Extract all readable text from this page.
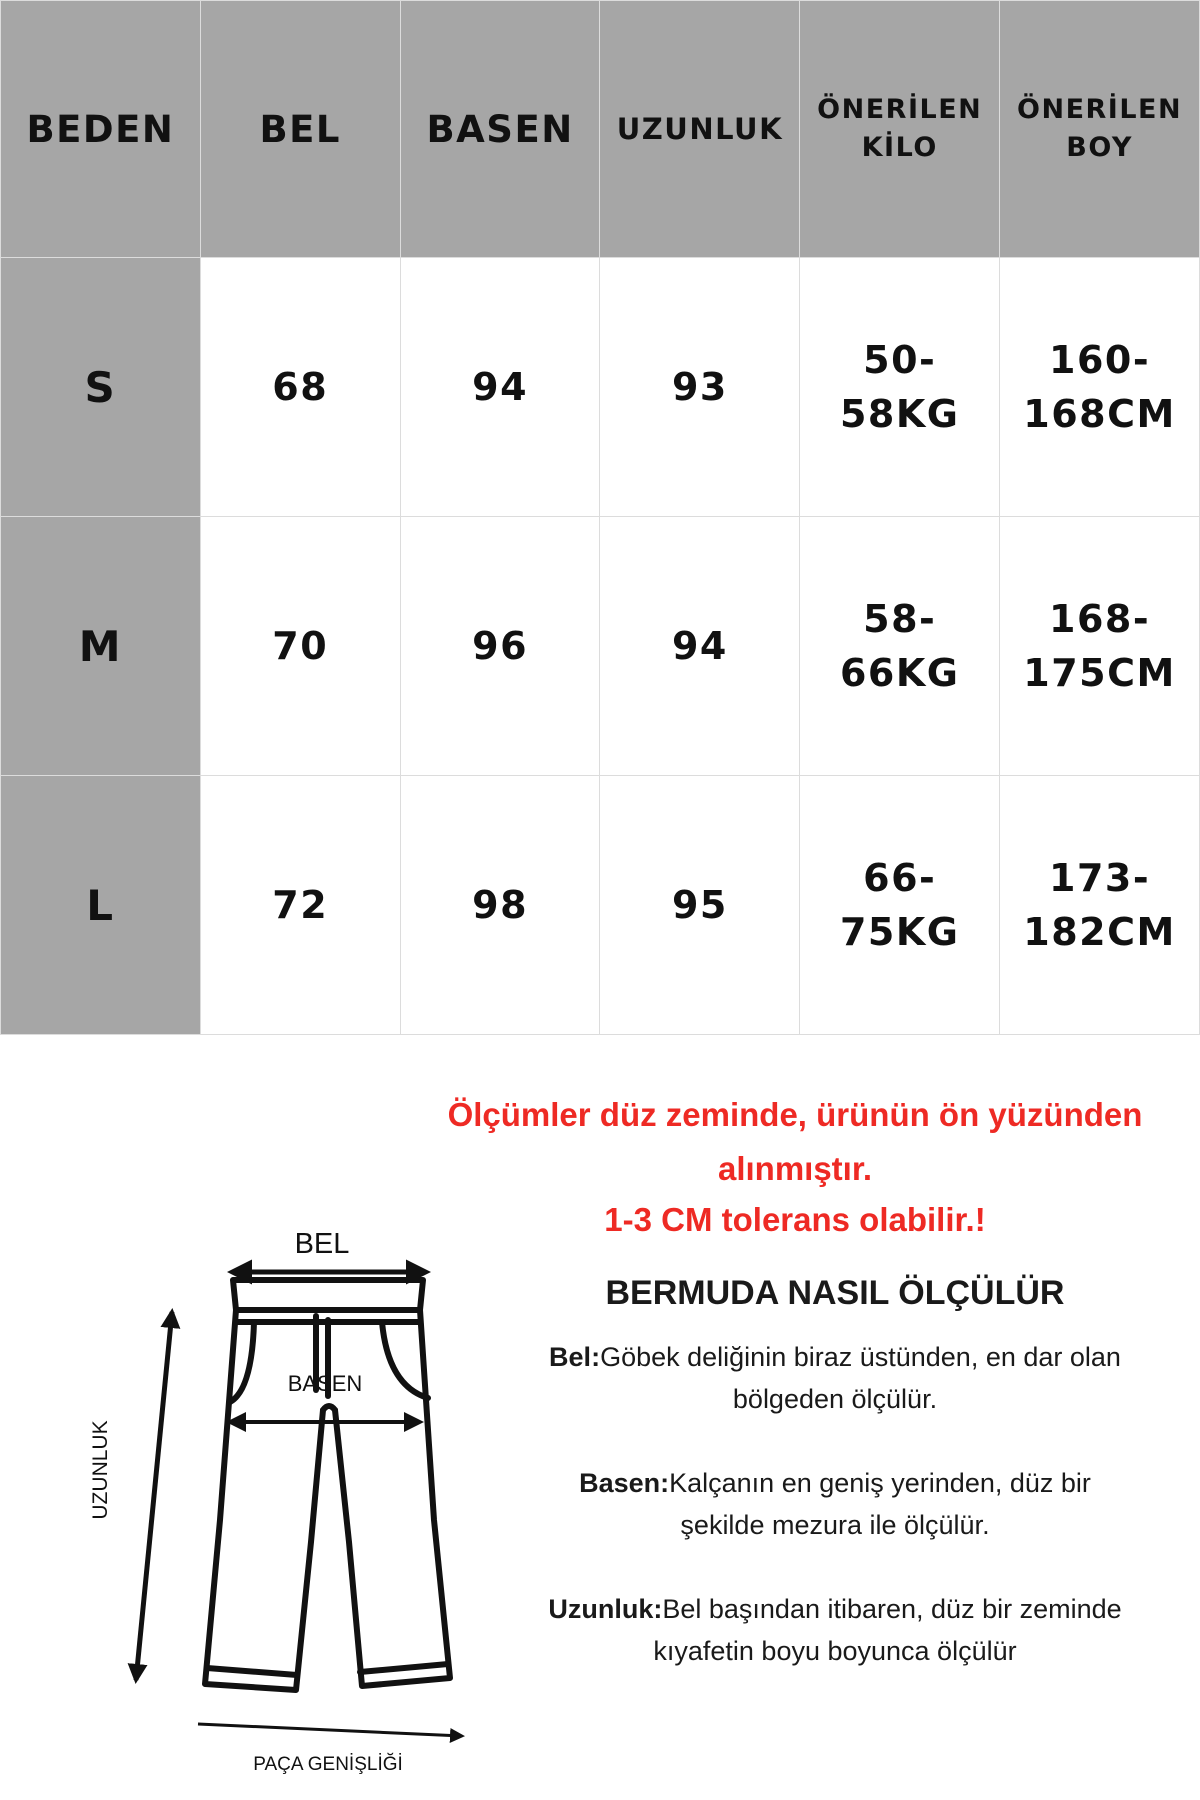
BEDEN	BEL	BASEN	UZUNLUK	ÖNERİLEN KİLO	ÖNERİLEN BOY
S	68	94	93	50-58KG	160-168CM
M	70	96	94	58-66KG	168-175CM
L	72	98	95	66-75KG	173-182CM
Ölçümler düz zeminde, ürünün ön yüzünden
alınmıştır.
1-3 CM tolerans olabilir.!
BEL
BASEN
UZUNLUK
PAÇA GENİŞLİĞİ
BERMUDA NASIL ÖLÇÜLÜR
Bel:Göbek deliğinin biraz üstünden, en dar olan
bölgeden ölçülür.
Basen:Kalçanın en geniş yerinden, düz bir
şekilde mezura ile ölçülür.
Uzunluk:Bel başından itibaren, düz bir zeminde
kıyafetin boyu boyunca ölçülür
